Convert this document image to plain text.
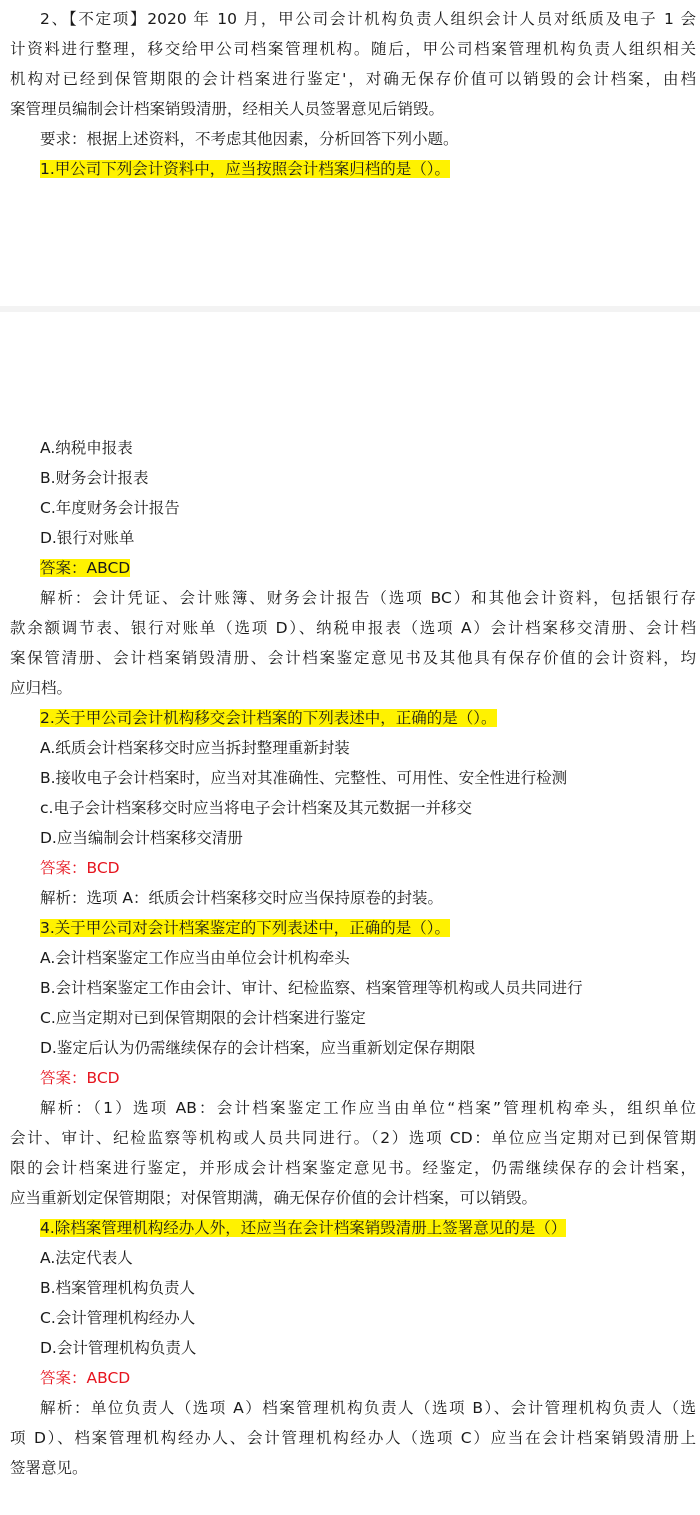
2、【不定项】2020 年 10 月，甲公司会计机构负责人组织会计人员对纸质及电子 1 会
计资料进行整理，移交给甲公司档案管理机构。随后，甲公司档案管理机构负责人组织相关
机构对已经到保管期限的会计档案进行鉴定'，对确无保存价值可以销毁的会计档案，由档
案管理员编制会计档案销毁清册，经相关人员签署意见后销毁。
要求：根据上述资料，不考虑其他因素，分析回答下列小题。
1.甲公司下列会计资料中，应当按照会计档案归档的是（）。
A.纳税申报表
B.财务会计报表
C.年度财务会计报告
D.银行对账单
答案：ABCD
解析：会计凭证、会计账簿、财务会计报告（选项 BC）和其他会计资料，包括银行存
款余额调节表、银行对账单（选项 D）、纳税申报表（选项 A）会计档案移交清册、会计档
案保管清册、会计档案销毁清册、会计档案鉴定意见书及其他具有保存价值的会计资料，均
应归档。
2.关于甲公司会计机构移交会计档案的下列表述中，正确的是（）。
A.纸质会计档案移交时应当拆封整理重新封装
B.接收电子会计档案时，应当对其准确性、完整性、可用性、安全性进行检测
c.电子会计档案移交时应当将电子会计档案及其元数据一并移交
D.应当编制会计档案移交清册
答案：BCD
解析：选项 A：纸质会计档案移交时应当保持原卷的封装。
3.关于甲公司对会计档案鉴定的下列表述中，正确的是（）。
A.会计档案鉴定工作应当由单位会计机构牵头
B.会计档案鉴定工作由会计、审计、纪检监察、档案管理等机构或人员共同进行
C.应当定期对已到保管期限的会计档案进行鉴定
D.鉴定后认为仍需继续保存的会计档案，应当重新划定保存期限
答案：BCD
解析：（1）选项 AB：会计档案鉴定工作应当由单位“档案”管理机构牵头，组织单位
会计、审计、纪检监察等机构或人员共同进行。（2）选项 CD：单位应当定期对已到保管期
限的会计档案进行鉴定，并形成会计档案鉴定意见书。经鉴定，仍需继续保存的会计档案，
应当重新划定保管期限；对保管期满，确无保存价值的会计档案，可以销毁。
4.除档案管理机构经办人外，还应当在会计档案销毁清册上签署意见的是（）
A.法定代表人
B.档案管理机构负责人
C.会计管理机构经办人
D.会计管理机构负责人
答案：ABCD
解析：单位负责人（选项 A）档案管理机构负责人（选项 B）、会计管理机构负责人（选
项 D）、档案管理机构经办人、会计管理机构经办人（选项 C）应当在会计档案销毁清册上
签署意见。
